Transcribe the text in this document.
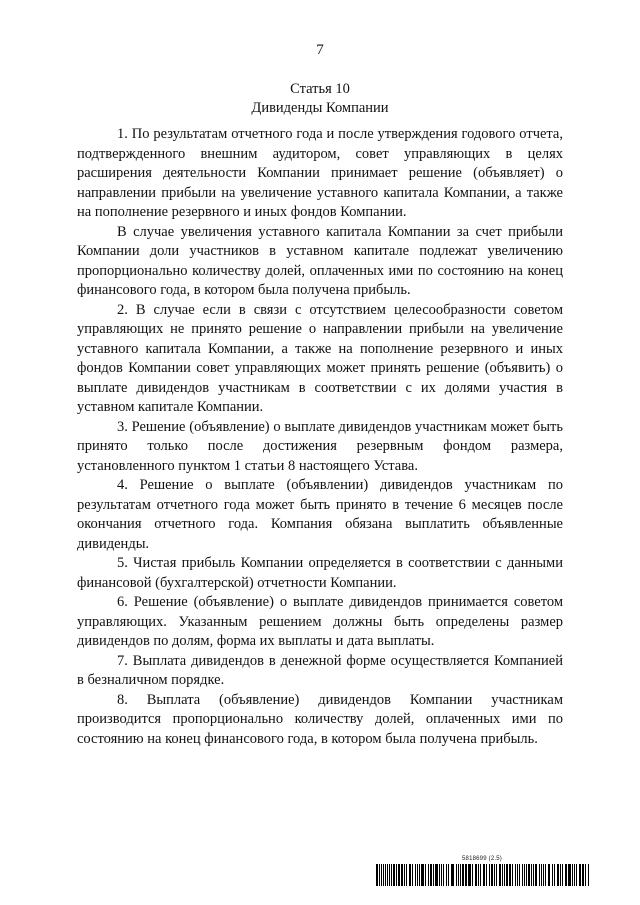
7
Статья 10
Дивиденды Компании

1. По результатам отчетного года и после утверждения годового отчета, подтвержденного внешним аудитором, совет управляющих в целях расширения деятельности Компании принимает решение (объявляет) о направлении прибыли на увеличение уставного капитала Компании, а также на пополнение резервного и иных фондов Компании.

В случае увеличения уставного капитала Компании за счет прибыли Компании доли участников в уставном капитале подлежат увеличению пропорционально количеству долей, оплаченных ими по состоянию на конец финансового года, в котором была получена прибыль.

2. В случае если в связи с отсутствием целесообразности советом управляющих не принято решение о направлении прибыли на увеличение уставного капитала Компании, а также на пополнение резервного и иных фондов Компании совет управляющих может принять решение (объявить) о выплате дивидендов участникам в соответствии с их долями участия в уставном капитале Компании.

3. Решение (объявление) о выплате дивидендов участникам может быть принято только после достижения резервным фондом размера, установленного пунктом 1 статьи 8 настоящего Устава.

4. Решение о выплате (объявлении) дивидендов участникам по результатам отчетного года может быть принято в течение 6 месяцев после окончания отчетного года. Компания обязана выплатить объявленные дивиденды.

5. Чистая прибыль Компании определяется в соответствии с данными финансовой (бухгалтерской) отчетности Компании.

6. Решение (объявление) о выплате дивидендов принимается советом управляющих. Указанным решением должны быть определены размер дивидендов по долям, форма их выплаты и дата выплаты.

7. Выплата дивидендов в денежной форме осуществляется Компанией в безналичном порядке.

8. Выплата (объявление) дивидендов Компании участникам производится пропорционально количеству долей, оплаченных ими по состоянию на конец финансового года, в котором была получена прибыль.

5818699 (2.5)
